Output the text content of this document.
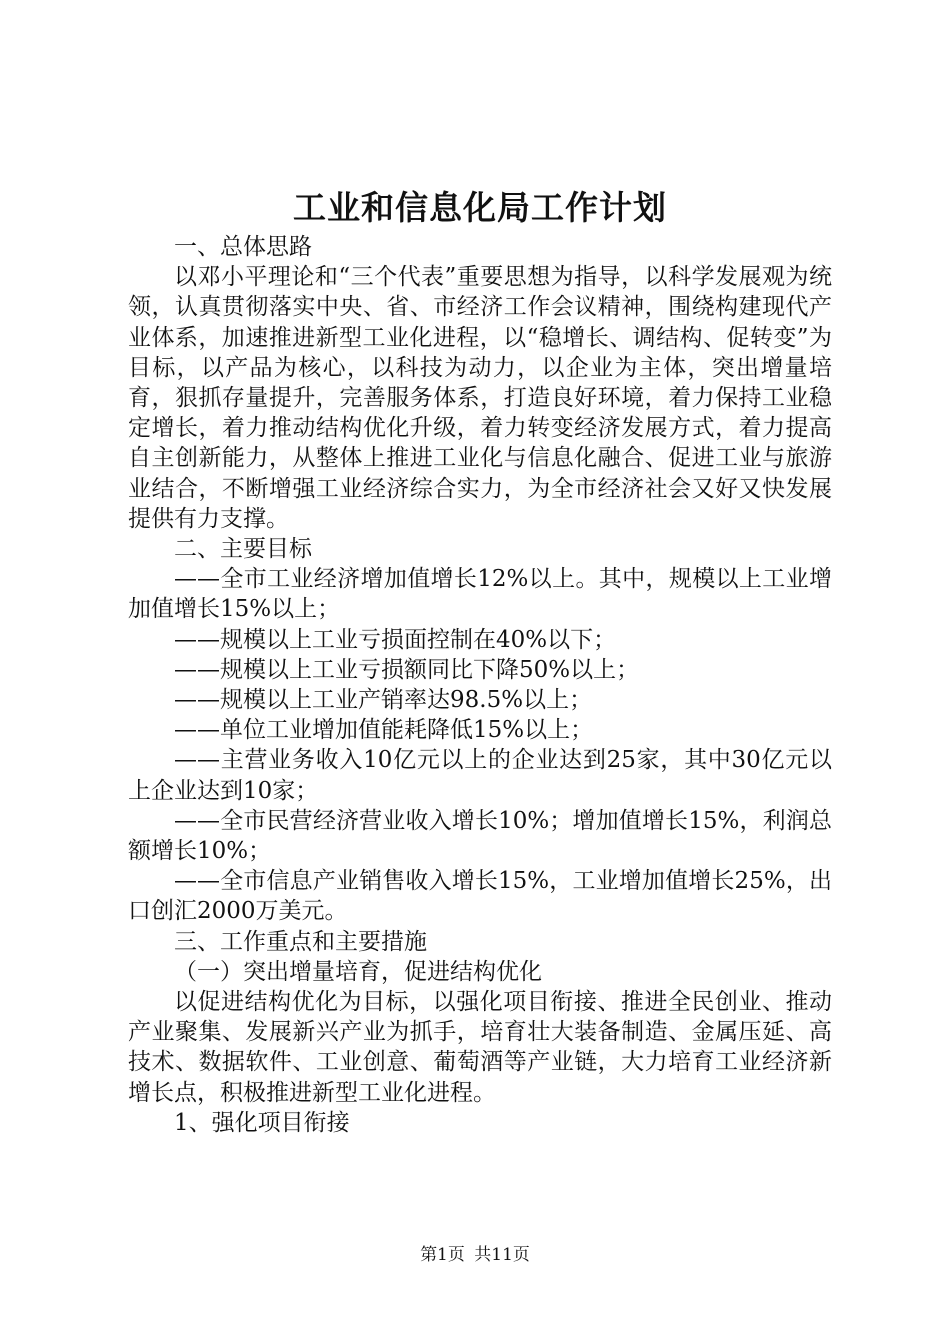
工业和信息化局工作计划

一、总体思路

以邓小平理论和“三个代表”重要思想为指导，以科学发展观为统领，认真贯彻落实中央、省、市经济工作会议精神，围绕构建现代产业体系，加速推进新型工业化进程，以“稳增长、调结构、促转变”为目标，以产品为核心，以科技为动力，以企业为主体，突出增量培育，狠抓存量提升，完善服务体系，打造良好环境，着力保持工业稳定增长，着力推动结构优化升级，着力转变经济发展方式，着力提高自主创新能力，从整体上推进工业化与信息化融合、促进工业与旅游业结合，不断增强工业经济综合实力，为全市经济社会又好又快发展提供有力支撑。

二、主要目标

——全市工业经济增加值增长12%以上。其中，规模以上工业增加值增长15%以上；

——规模以上工业亏损面控制在40%以下；

——规模以上工业亏损额同比下降50%以上；

——规模以上工业产销率达98.5%以上；

——单位工业增加值能耗降低15%以上；

——主营业务收入10亿元以上的企业达到25家，其中30亿元以上企业达到10家；

——全市民营经济营业收入增长10%；增加值增长15%，利润总额增长10%；

——全市信息产业销售收入增长15%，工业增加值增长25%，出口创汇2000万美元。

三、工作重点和主要措施

（一）突出增量培育，促进结构优化

以促进结构优化为目标，以强化项目衔接、推进全民创业、推动产业聚集、发展新兴产业为抓手，培育壮大装备制造、金属压延、高技术、数据软件、工业创意、葡萄酒等产业链，大力培育工业经济新增长点，积极推进新型工业化进程。

1、强化项目衔接

第1页 共11页
